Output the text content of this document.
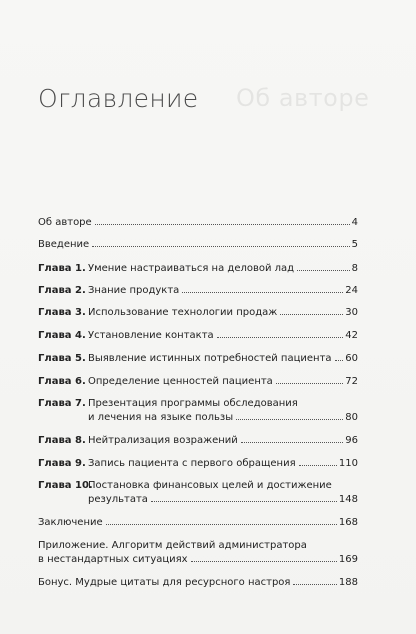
Об авторе
Оглавление
Об авторе	4
Введение	5
Глава 1. Умение настраиваться на деловой лад	8
Глава 2. Знание продукта	24
Глава 3. Использование технологии продаж	30
Глава 4. Установление контакта	42
Глава 5. Выявление истинных потребностей пациента 60
Глава 6. Определение ценностей пациента	72
Глава 7. Презентация программы обследования
и лечения на языке пользы	80
Глава 8. Нейтрализация возражений	96
Глава 9. Запись пациента с первого обращения	110
Глава 10.
Постановка финансовых целей и достижение
результата	148
Заключение	168
Приложение. Алгоритм действий администратора
в нестандартных ситуациях	169
Бонус. Мудрые цитаты для ресурсного настроя	188
